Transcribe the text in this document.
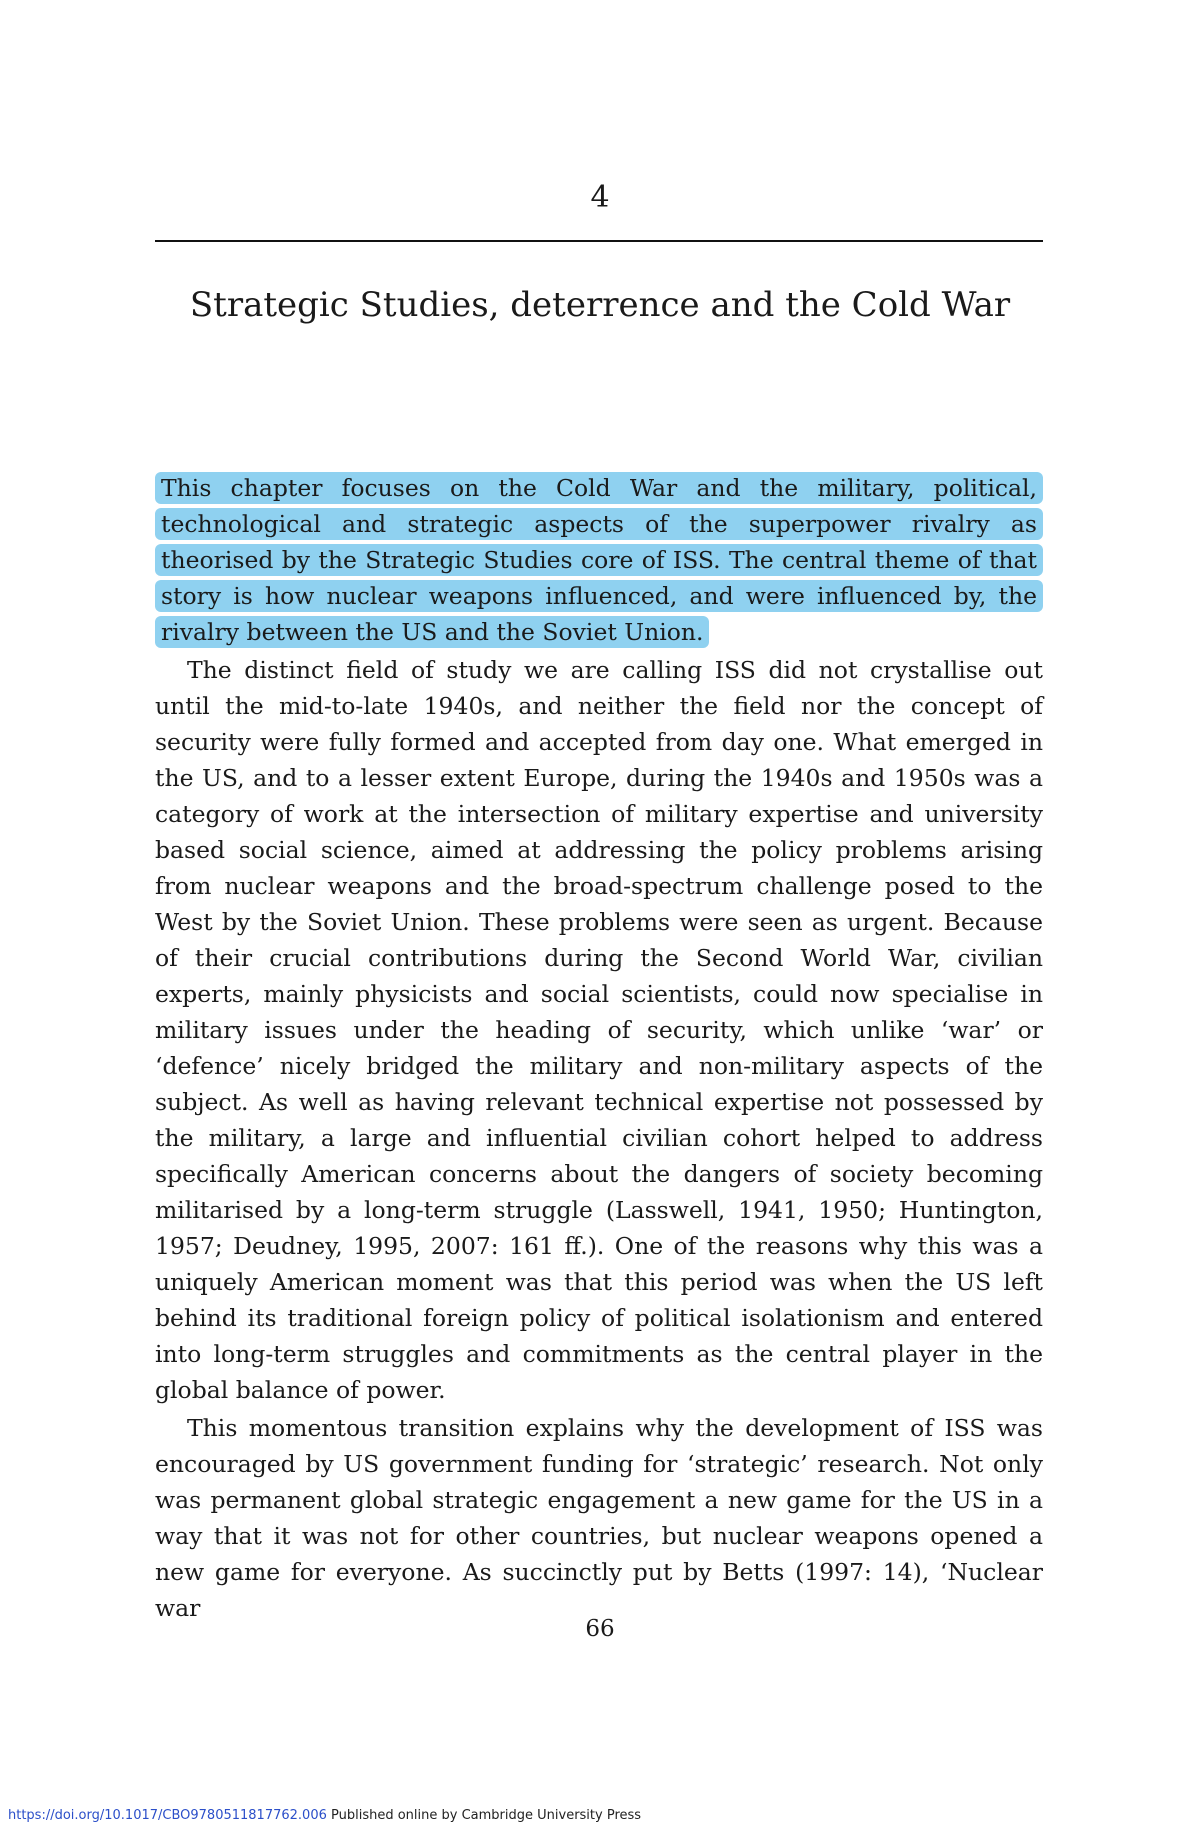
4
Strategic Studies, deterrence and the Cold War

This chapter focuses on the Cold War and the military, political, technological and strategic aspects of the superpower rivalry as theorised by the Strategic Studies core of ISS. The central theme of that story is how nuclear weapons influenced, and were influenced by, the rivalry between the US and the Soviet Union.

The distinct field of study we are calling ISS did not crystallise out until the mid-to-late 1940s, and neither the field nor the concept of security were fully formed and accepted from day one. What emerged in the US, and to a lesser extent Europe, during the 1940s and 1950s was a category of work at the intersection of military expertise and university based social science, aimed at addressing the policy problems arising from nuclear weapons and the broad-spectrum challenge posed to the West by the Soviet Union. These problems were seen as urgent. Because of their crucial contributions during the Second World War, civilian experts, mainly physicists and social scientists, could now specialise in military issues under the heading of security, which unlike ‘war’ or ‘defence’ nicely bridged the military and non-military aspects of the subject. As well as having relevant technical expertise not possessed by the military, a large and influential civilian cohort helped to address specifically American concerns about the dangers of society becoming militarised by a long-term struggle (Lasswell, 1941, 1950; Huntington, 1957; Deudney, 1995, 2007: 161 ff.). One of the reasons why this was a uniquely American moment was that this period was when the US left behind its traditional foreign policy of political isolationism and entered into long-term struggles and commitments as the central player in the global balance of power.

This momentous transition explains why the development of ISS was encouraged by US government funding for ‘strategic’ research. Not only was permanent global strategic engagement a new game for the US in a way that it was not for other countries, but nuclear weapons opened a new game for everyone. As succinctly put by Betts (1997: 14), ‘Nuclear war

66
https://doi.org/10.1017/CBO9780511817762.006 Published online by Cambridge University Press
